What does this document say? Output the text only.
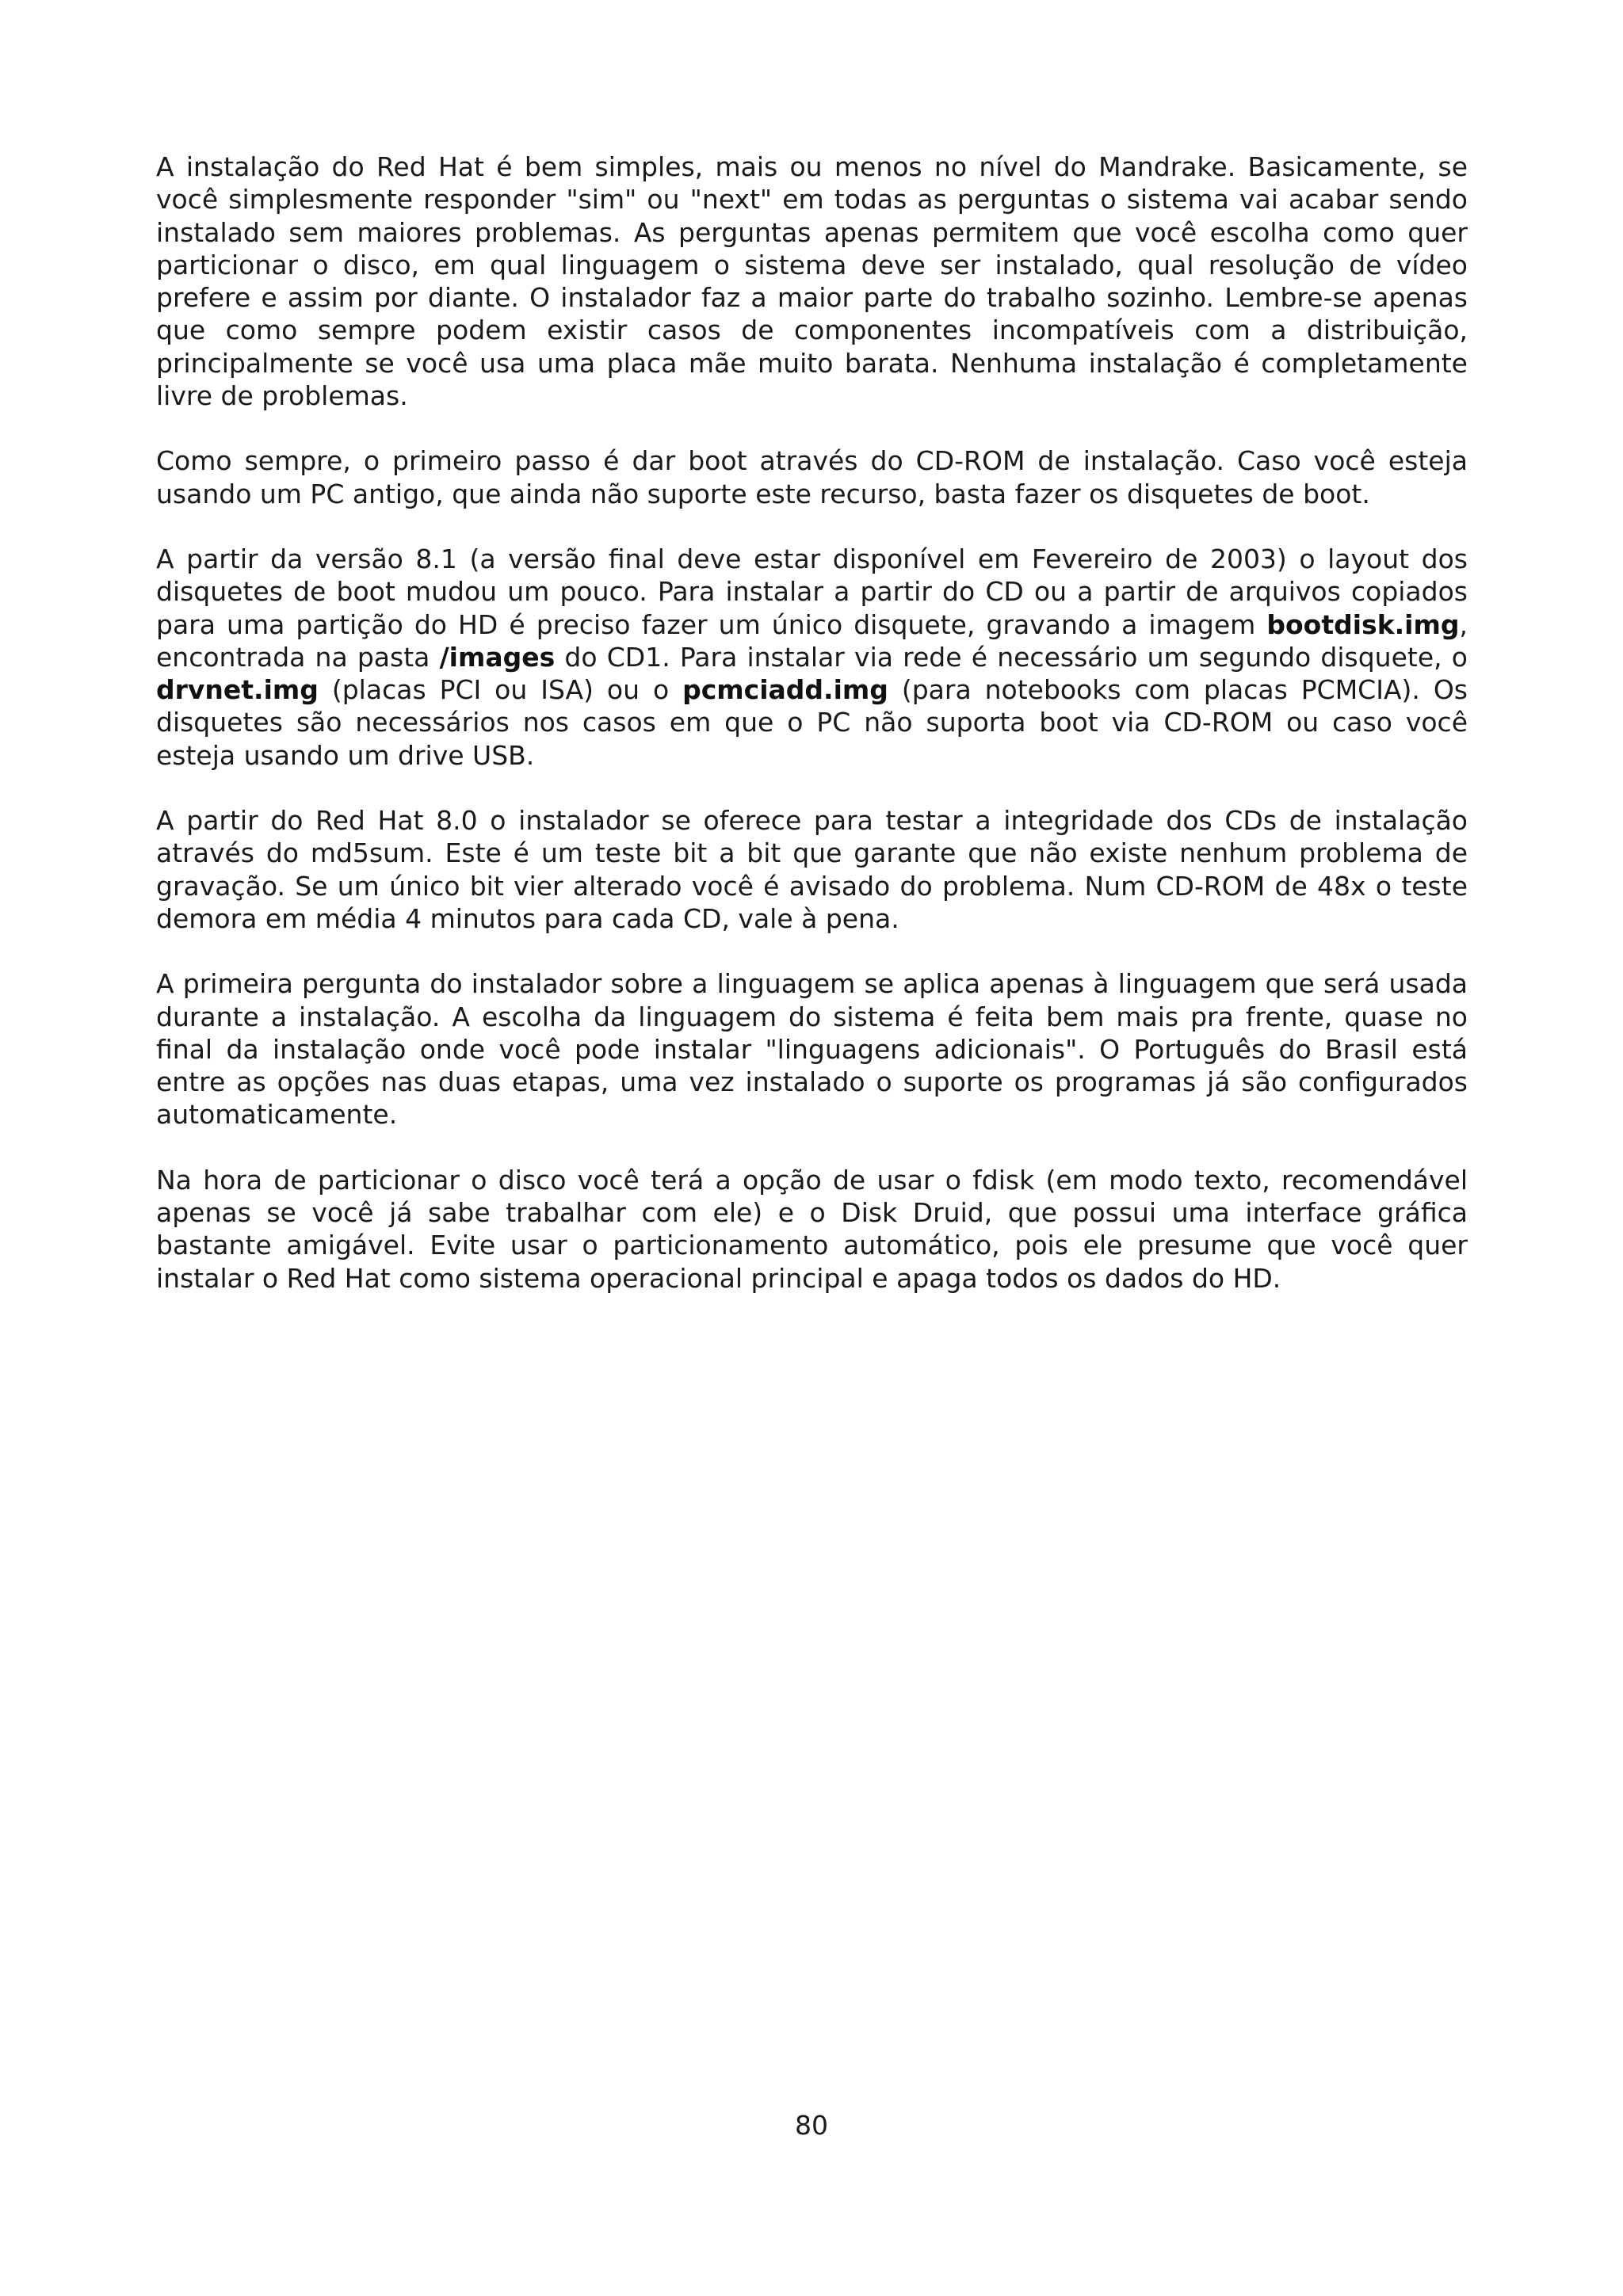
A instalação do Red Hat é bem simples, mais ou menos no nível do Mandrake. Basicamente, se você simplesmente responder "sim" ou "next" em todas as perguntas o sistema vai acabar sendo instalado sem maiores problemas. As perguntas apenas permitem que você escolha como quer particionar o disco, em qual linguagem o sistema deve ser instalado, qual resolução de vídeo prefere e assim por diante. O instalador faz a maior parte do trabalho sozinho. Lembre-se apenas que como sempre podem existir casos de componentes incompatíveis com a distribuição, principalmente se você usa uma placa mãe muito barata. Nenhuma instalação é completamente livre de problemas.

Como sempre, o primeiro passo é dar boot através do CD-ROM de instalação. Caso você esteja usando um PC antigo, que ainda não suporte este recurso, basta fazer os disquetes de boot.

A partir da versão 8.1 (a versão final deve estar disponível em Fevereiro de 2003) o layout dos disquetes de boot mudou um pouco. Para instalar a partir do CD ou a partir de arquivos copiados para uma partição do HD é preciso fazer um único disquete, gravando a imagem bootdisk.img, encontrada na pasta /images do CD1. Para instalar via rede é necessário um segundo disquete, o drvnet.img (placas PCI ou ISA) ou o pcmciadd.img (para notebooks com placas PCMCIA). Os disquetes são necessários nos casos em que o PC não suporta boot via CD-ROM ou caso você esteja usando um drive USB.

A partir do Red Hat 8.0 o instalador se oferece para testar a integridade dos CDs de instalação através do md5sum. Este é um teste bit a bit que garante que não existe nenhum problema de gravação. Se um único bit vier alterado você é avisado do problema. Num CD-ROM de 48x o teste demora em média 4 minutos para cada CD, vale à pena.

A primeira pergunta do instalador sobre a linguagem se aplica apenas à linguagem que será usada durante a instalação. A escolha da linguagem do sistema é feita bem mais pra frente, quase no final da instalação onde você pode instalar "linguagens adicionais". O Português do Brasil está entre as opções nas duas etapas, uma vez instalado o suporte os programas já são configurados automaticamente.

Na hora de particionar o disco você terá a opção de usar o fdisk (em modo texto, recomendável apenas se você já sabe trabalhar com ele) e o Disk Druid, que possui uma interface gráfica bastante amigável. Evite usar o particionamento automático, pois ele presume que você quer instalar o Red Hat como sistema operacional principal e apaga todos os dados do HD.

80
